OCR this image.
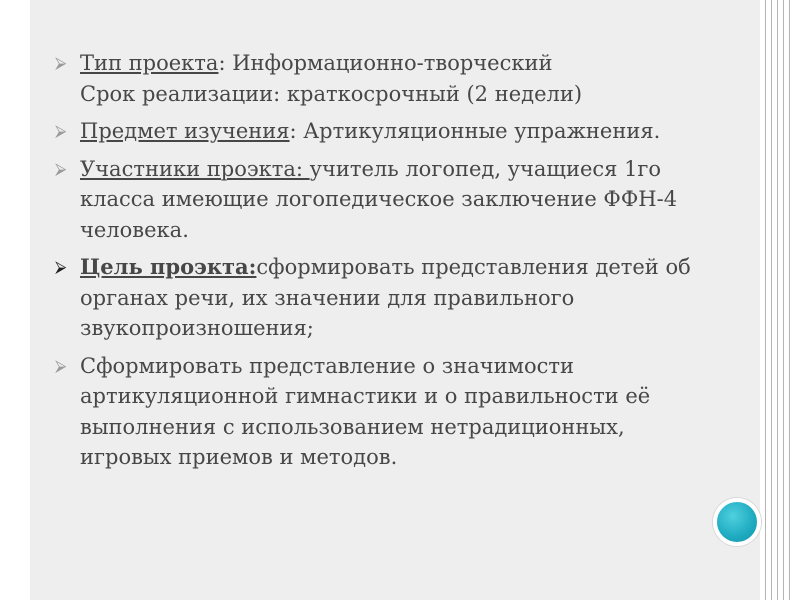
⮚ Тип проекта: Информационно-творческий
Срок реализации: краткосрочный (2 недели)
⮚ Предмет изучения: Артикуляционные упражнения.
⮚ Участники проэкта: учитель логопед, учащиеся 1го класса имеющие логопедическое заключение ФФН-4 человека.
⮚ Цель проэкта:сформировать представления детей об органах речи, их значении для правильного звукопроизношения;
⮚ Сформировать представление о значимости артикуляционной гимнастики и о правильности её выполнения с использованием нетрадиционных, игровых приемов и методов.
